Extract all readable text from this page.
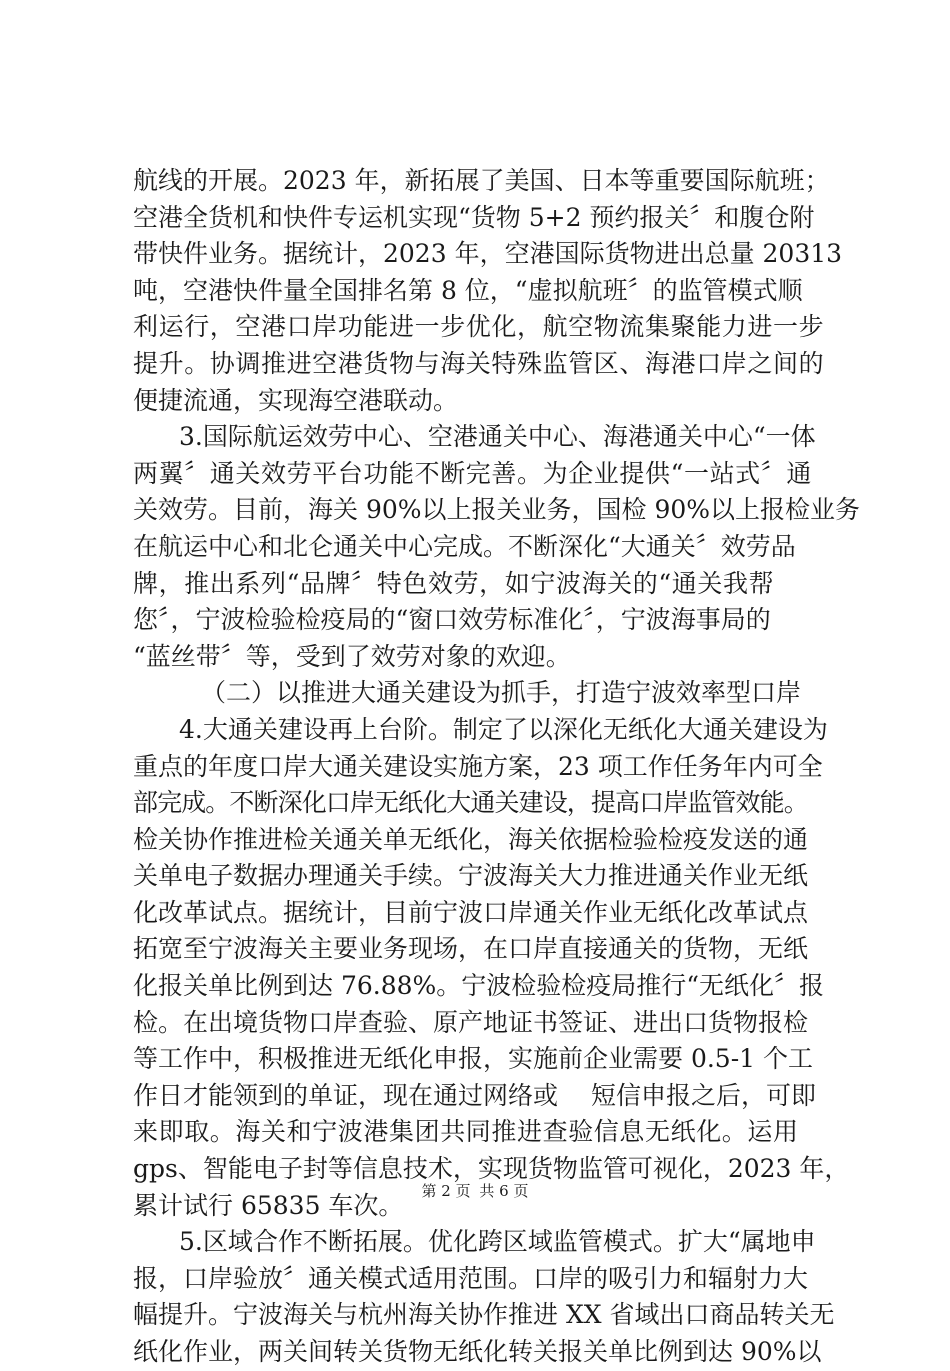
航线的开展。2023 年，新拓展了美国、日本等重要国际航班；
空港全货机和快件专运机实现“货物 5+2 预约报关〞和腹仓附
带快件业务。据统计，2023 年，空港国际货物进出总量 20313
吨，空港快件量全国排名第 8 位，“虚拟航班〞的监管模式顺
利运行，空港口岸功能进一步优化，航空物流集聚能力进一步
提升。协调推进空港货物与海关特殊监管区、海港口岸之间的
便捷流通，实现海空港联动。
3.国际航运效劳中心、空港通关中心、海港通关中心“一体
两翼〞通关效劳平台功能不断完善。为企业提供“一站式〞通
关效劳。目前，海关 90%以上报关业务，国检 90%以上报检业务
在航运中心和北仑通关中心完成。不断深化“大通关〞效劳品
牌，推出系列“品牌〞特色效劳，如宁波海关的“通关我帮
您〞，宁波检验检疫局的“窗口效劳标准化〞，宁波海事局的
“蓝丝带〞等，受到了效劳对象的欢迎。
（二）以推进大通关建设为抓手，打造宁波效率型口岸
4.大通关建设再上台阶。制定了以深化无纸化大通关建设为
重点的年度口岸大通关建设实施方案，23 项工作任务年内可全
部完成。不断深化口岸无纸化大通关建设，提高口岸监管效能。
检关协作推进检关通关单无纸化，海关依据检验检疫发送的通
关单电子数据办理通关手续。宁波海关大力推进通关作业无纸
化改革试点。据统计，目前宁波口岸通关作业无纸化改革试点
拓宽至宁波海关主要业务现场，在口岸直接通关的货物，无纸
化报关单比例到达 76.88%。宁波检验检疫局推行“无纸化〞报
检。在出境货物口岸查验、原产地证书签证、进出口货物报检
等工作中，积极推进无纸化申报，实施前企业需要 0.5-1 个工
作日才能领到的单证，现在通过网络或　 短信申报之后，可即
来即取。海关和宁波港集团共同推进查验信息无纸化。运用
gps、智能电子封等信息技术，实现货物监管可视化，2023 年，
累计试行 65835 车次。
5.区域合作不断拓展。优化跨区域监管模式。扩大“属地申
报，口岸验放〞通关模式适用范围。口岸的吸引力和辐射力大
幅提升。宁波海关与杭州海关协作推进 XX 省域出口商品转关无
纸化作业，两关间转关货物无纸化转关报关单比例到达 90%以
第 2 页 共 6 页
